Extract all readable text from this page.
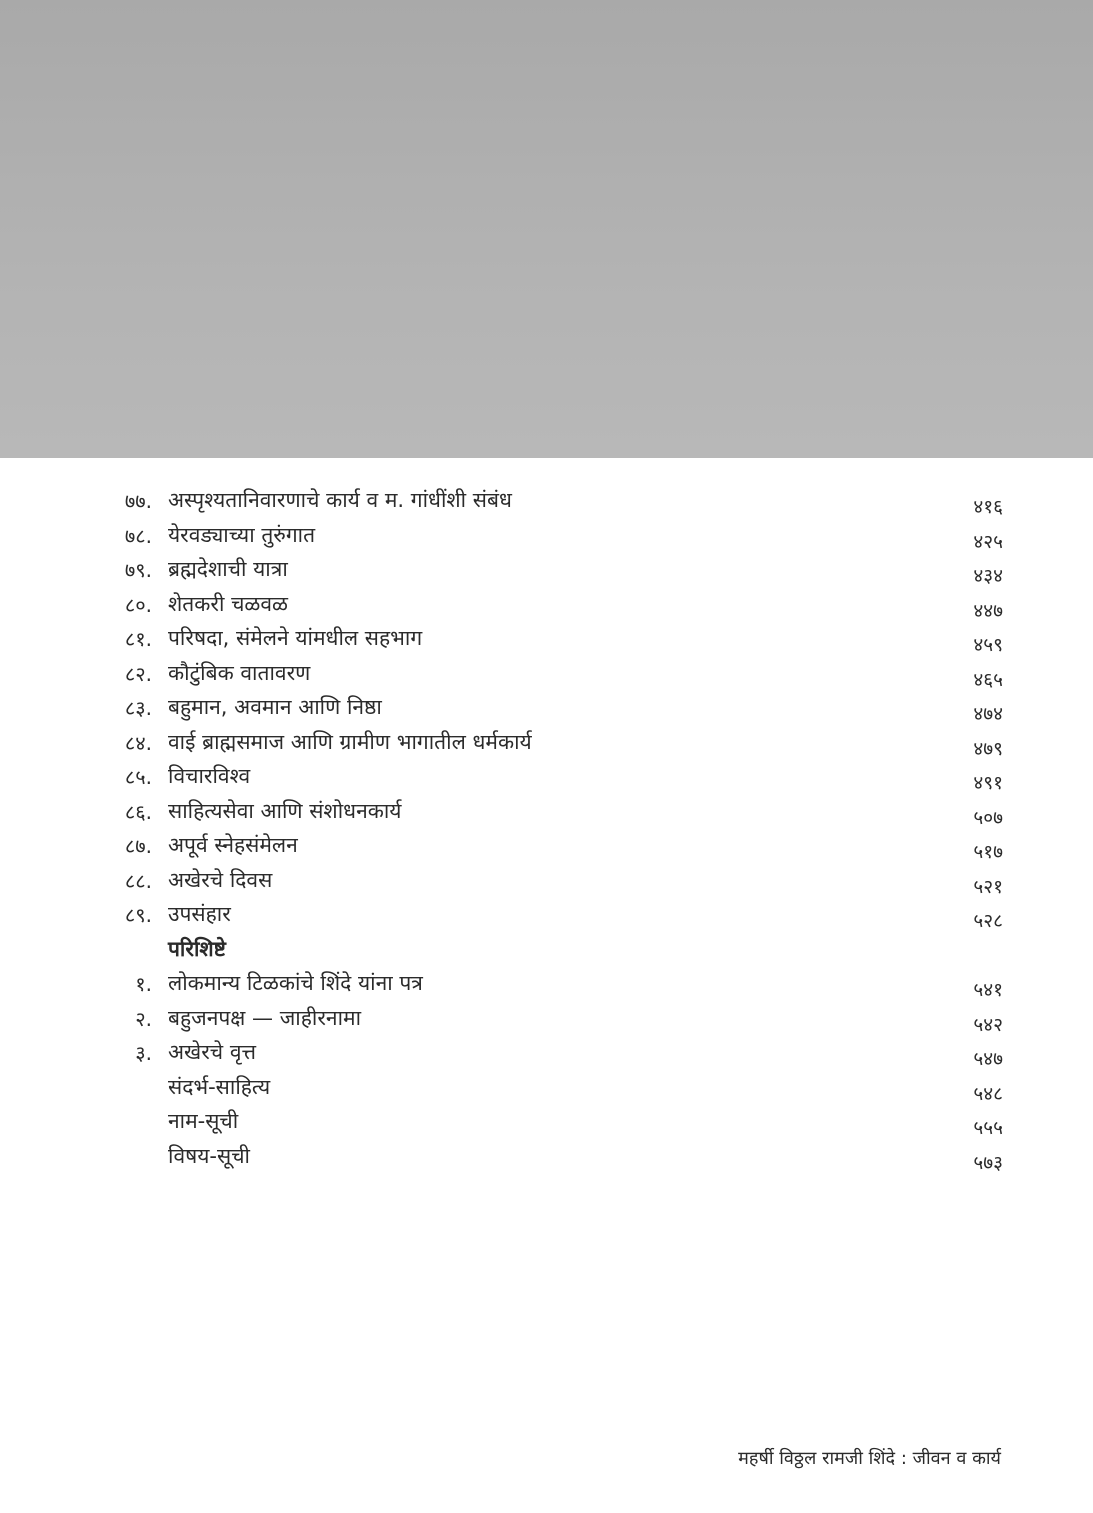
७७. अस्पृश्यतानिवारणाचे कार्य व म. गांधींशी संबंध	४१६
७८. येरवड्याच्या तुरुंगात	४२५
७९. ब्रह्मदेशाची यात्रा	४३४
८०. शेतकरी चळवळ	४४७
८१. परिषदा, संमेलने यांमधील सहभाग	४५९
८२. कौटुंबिक वातावरण	४६५
८३. बहुमान, अवमान आणि निष्ठा	४७४
८४. वाई ब्राह्मसमाज आणि ग्रामीण भागातील धर्मकार्य	४७९
८५. विचारविश्व	४९१
८६. साहित्यसेवा आणि संशोधनकार्य	५०७
८७. अपूर्व स्नेहसंमेलन	५१७
८८. अखेरचे दिवस	५२१
८९. उपसंहार	५२८
परिशिष्टे
१. लोकमान्य टिळकांचे शिंदे यांना पत्र	५४१
२. बहुजनपक्ष — जाहीरनामा	५४२
३. अखेरचे वृत्त	५४७
संदर्भ-साहित्य	५४८
नाम-सूची	५५५
विषय-सूची	५७३
महर्षी विठ्ठल रामजी शिंदे : जीवन व कार्य
